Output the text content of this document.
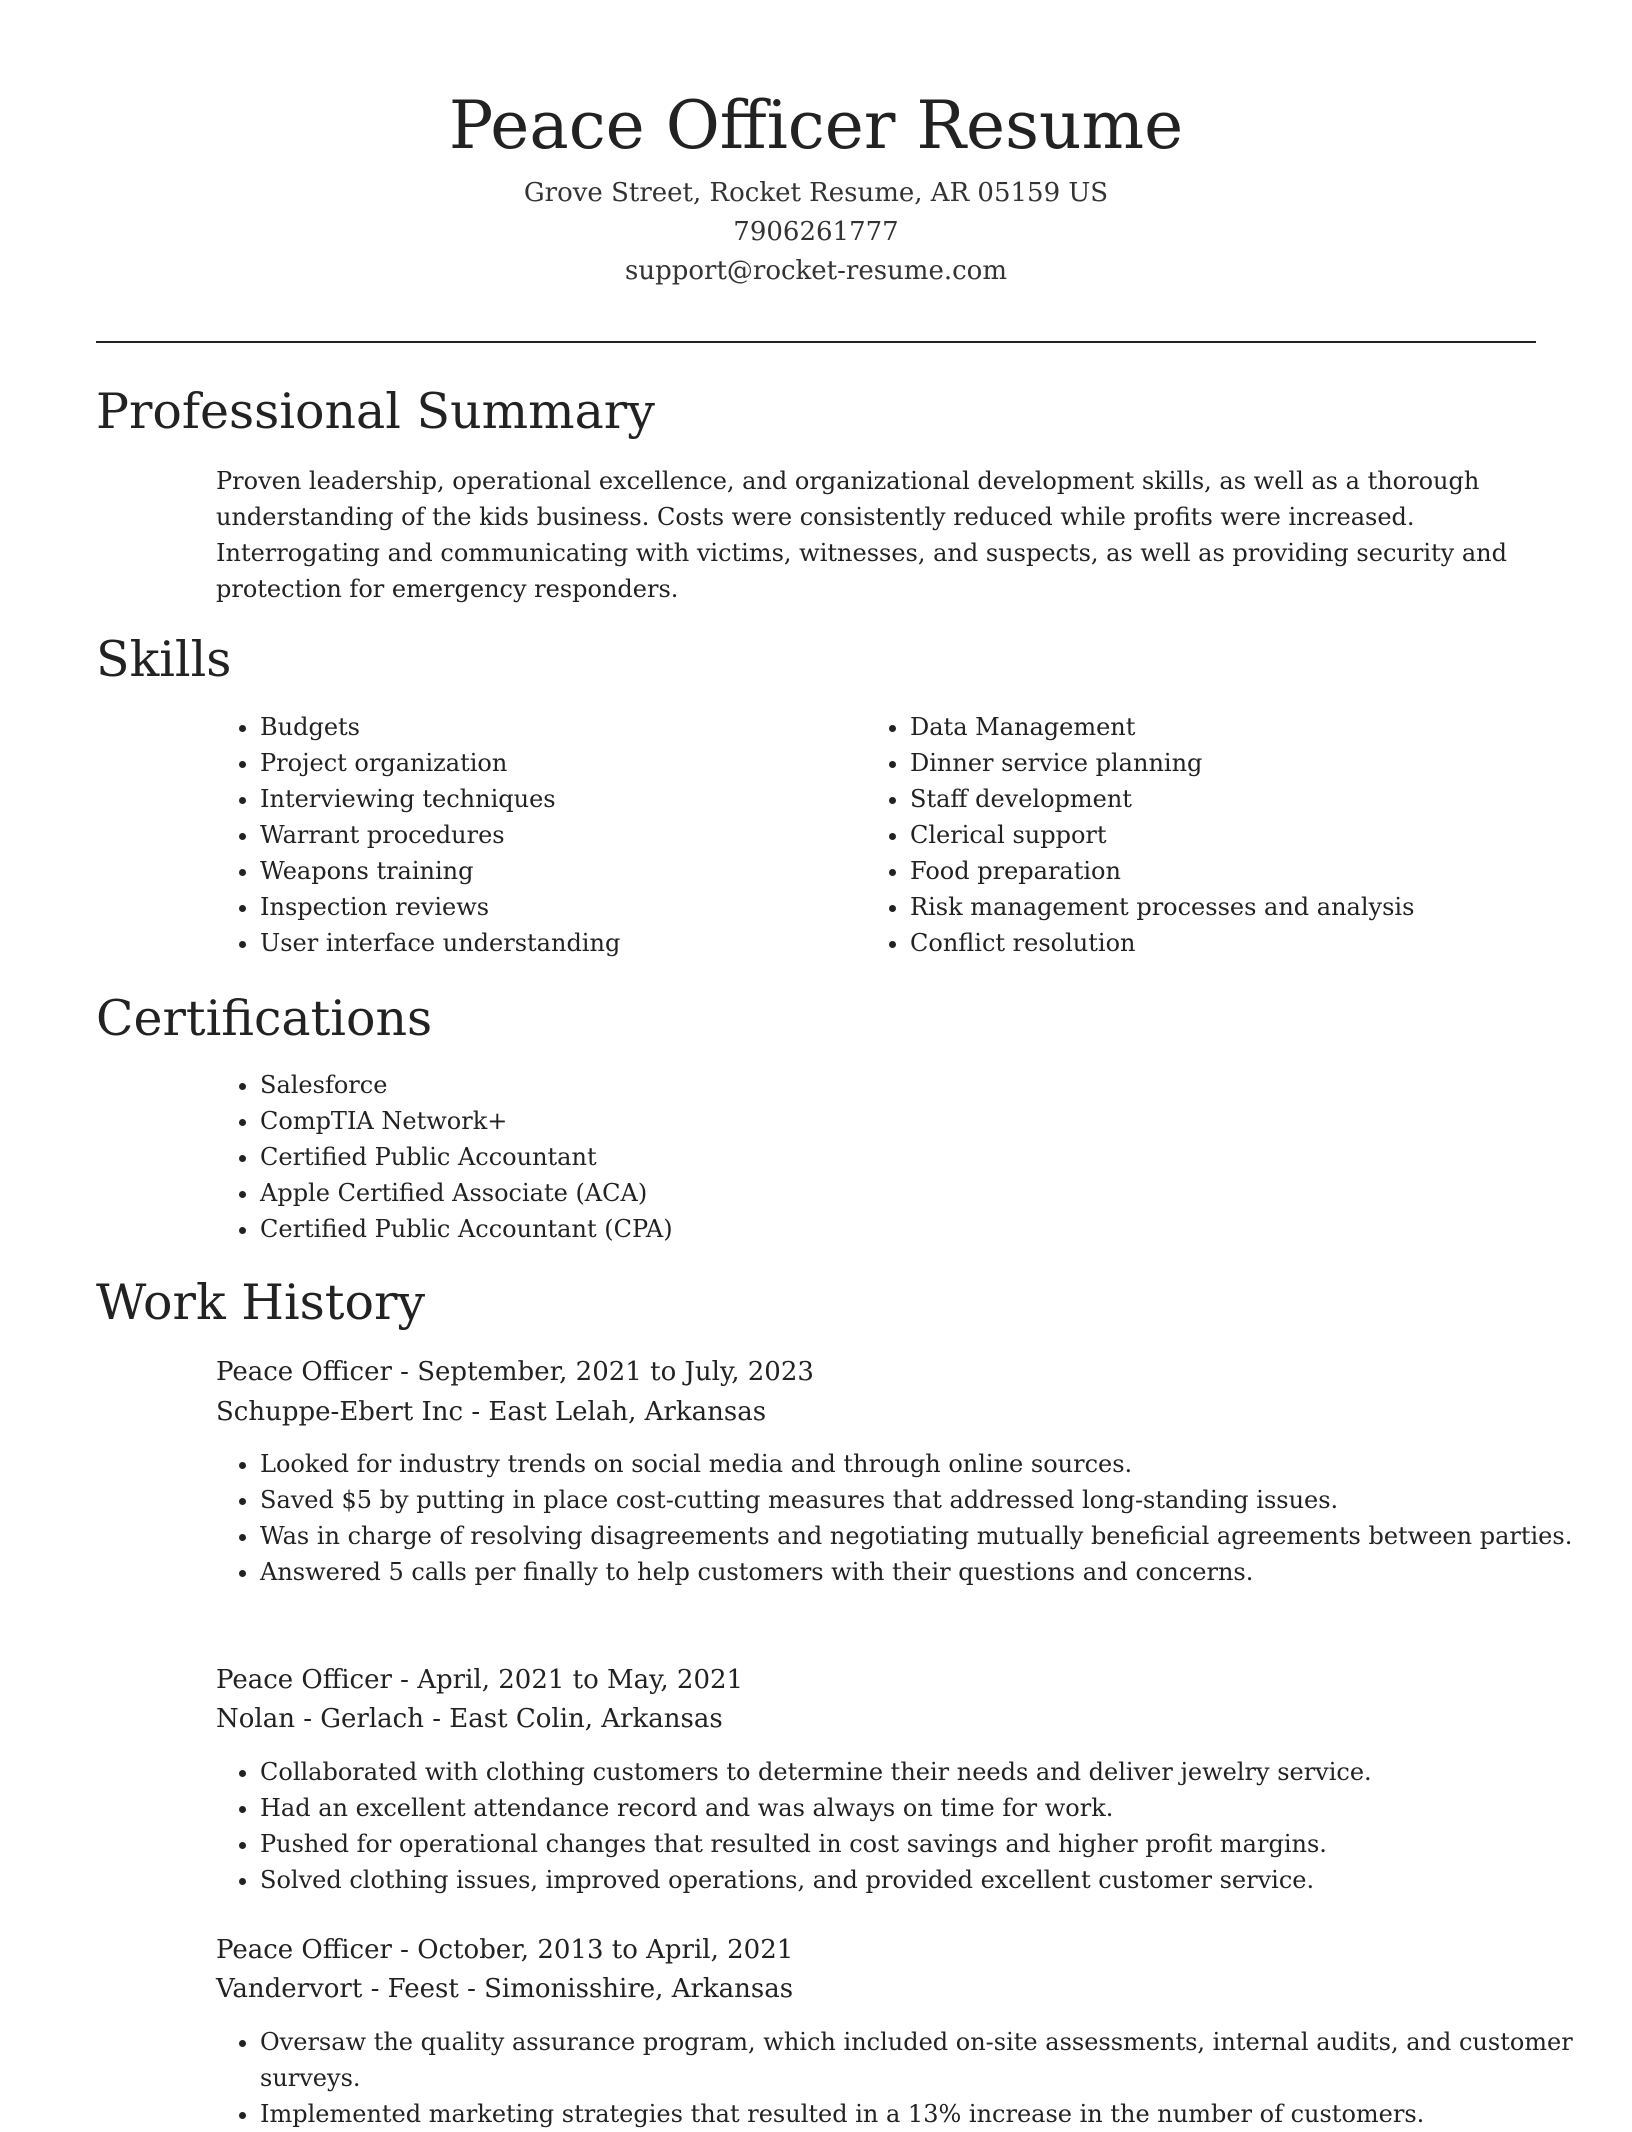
Peace Officer Resume
Grove Street, Rocket Resume, AR 05159 US
7906261777
support@rocket-resume.com
Professional Summary

Proven leadership, operational excellence, and organizational development skills, as well as a thorough understanding of the kids business. Costs were consistently reduced while profits were increased. Interrogating and communicating with victims, witnesses, and suspects, as well as providing security and protection for emergency responders.

Skills
• Budgets
• Project organization
• Interviewing techniques
• Warrant procedures
• Weapons training
• Inspection reviews
• User interface understanding
• Data Management
• Dinner service planning
• Staff development
• Clerical support
• Food preparation
• Risk management processes and analysis
• Conflict resolution
Certifications
• Salesforce
• CompTIA Network+
• Certified Public Accountant
• Apple Certified Associate (ACA)
• Certified Public Accountant (CPA)
Work History
Peace Officer - September, 2021 to July, 2023
Schuppe-Ebert Inc - East Lelah, Arkansas
• Looked for industry trends on social media and through online sources.
• Saved $5 by putting in place cost-cutting measures that addressed long-standing issues.
• Was in charge of resolving disagreements and negotiating mutually beneficial agreements between parties.
• Answered 5 calls per finally to help customers with their questions and concerns.
Peace Officer - April, 2021 to May, 2021
Nolan - Gerlach - East Colin, Arkansas
• Collaborated with clothing customers to determine their needs and deliver jewelry service.
• Had an excellent attendance record and was always on time for work.
• Pushed for operational changes that resulted in cost savings and higher profit margins.
• Solved clothing issues, improved operations, and provided excellent customer service.
Peace Officer - October, 2013 to April, 2021
Vandervort - Feest - Simonisshire, Arkansas
• Oversaw the quality assurance program, which included on-site assessments, internal audits, and customer surveys.
• Implemented marketing strategies that resulted in a 13% increase in the number of customers.
